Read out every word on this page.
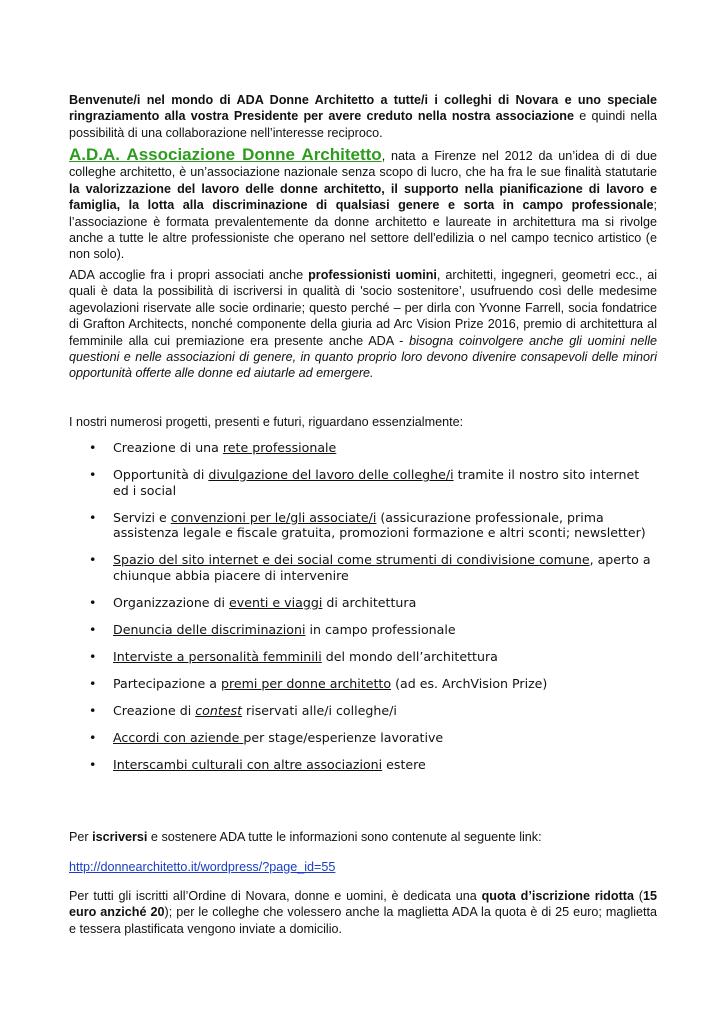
Benvenute/i nel mondo di ADA Donne Architetto a tutte/i i colleghi di Novara e uno speciale ringraziamento alla vostra Presidente per avere creduto nella nostra associazione e quindi nella possibilità di una collaborazione nell’interesse reciproco.

A.D.A. Associazione Donne Architetto, nata a Firenze nel 2012 da un’idea di di due colleghe architetto, è un’associazione nazionale senza scopo di lucro, che ha fra le sue finalità statutarie la valorizzazione del lavoro delle donne architetto, il supporto nella pianificazione di lavoro e famiglia, la lotta alla discriminazione di qualsiasi genere e sorta in campo professionale; l’associazione è formata prevalentemente da donne architetto e laureate in architettura ma si rivolge anche a tutte le altre professioniste che operano nel settore dell'edilizia o nel campo tecnico artistico (e non solo).

ADA accoglie fra i propri associati anche professionisti uomini, architetti, ingegneri, geometri ecc., ai quali è data la possibilità di iscriversi in qualità di 'socio sostenitore’, usufruendo così delle medesime agevolazioni riservate alle socie ordinarie; questo perché – per dirla con Yvonne Farrell, socia fondatrice di Grafton Architects, nonché componente della giuria ad Arc Vision Prize 2016, premio di architettura al femminile alla cui premiazione era presente anche ADA - bisogna coinvolgere anche gli uomini nelle questioni e nelle associazioni di genere, in quanto proprio loro devono divenire consapevoli delle minori opportunità offerte alle donne ed aiutarle ad emergere.

I nostri numerosi progetti, presenti e futuri, riguardano essenzialmente:

• Creazione di una rete professionale
• Opportunità di divulgazione del lavoro delle colleghe/i tramite il nostro sito internet ed i social
• Servizi e convenzioni per le/gli associate/i (assicurazione professionale, prima assistenza legale e fiscale gratuita, promozioni formazione e altri sconti; newsletter)
• Spazio del sito internet e dei social come strumenti di condivisione comune, aperto a chiunque abbia piacere di intervenire
• Organizzazione di eventi e viaggi di architettura
• Denuncia delle discriminazioni in campo professionale
• Interviste a personalità femminili del mondo dell’architettura
• Partecipazione a premi per donne architetto (ad es. ArchVision Prize)
• Creazione di contest riservati alle/i colleghe/i
• Accordi con aziende per stage/esperienze lavorative
• Interscambi culturali con altre associazioni estere

Per iscriversi e sostenere ADA tutte le informazioni sono contenute al seguente link:

http://donnearchitetto.it/wordpress/?page_id=55

Per tutti gli iscritti all’Ordine di Novara, donne e uomini, è dedicata una quota d’iscrizione ridotta (15 euro anziché 20); per le colleghe che volessero anche la maglietta ADA la quota è di 25 euro; maglietta e tessera plastificata vengono inviate a domicilio.
